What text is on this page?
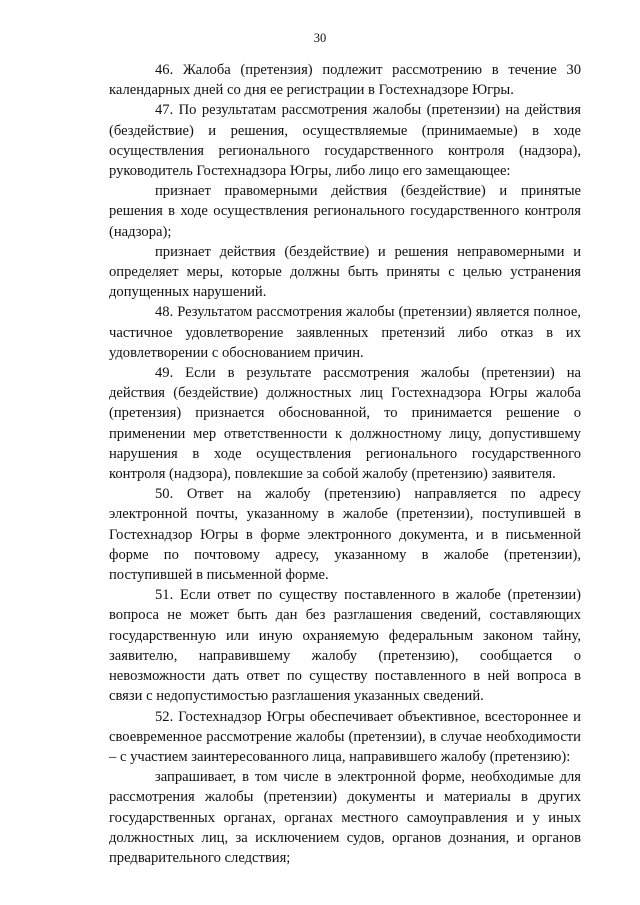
30

46. Жалоба (претензия) подлежит рассмотрению в течение 30 календарных дней со дня ее регистрации в Гостехнадзоре Югры.

47. По результатам рассмотрения жалобы (претензии) на действия (бездействие) и решения, осуществляемые (принимаемые) в ходе осуществления регионального государственного контроля (надзора), руководитель Гостехнадзора Югры, либо лицо его замещающее:

признает правомерными действия (бездействие) и принятые решения в ходе осуществления регионального государственного контроля (надзора);

признает действия (бездействие) и решения неправомерными и определяет меры, которые должны быть приняты с целью устранения допущенных нарушений.

48. Результатом рассмотрения жалобы (претензии) является полное, частичное удовлетворение заявленных претензий либо отказ в их удовлетворении с обоснованием причин.

49. Если в результате рассмотрения жалобы (претензии) на действия (бездействие) должностных лиц Гостехнадзора Югры жалоба (претензия) признается обоснованной, то принимается решение о применении мер ответственности к должностному лицу, допустившему нарушения в ходе осуществления регионального государственного контроля (надзора), повлекшие за собой жалобу (претензию) заявителя.

50. Ответ на жалобу (претензию) направляется по адресу электронной почты, указанному в жалобе (претензии), поступившей в Гостехнадзор Югры в форме электронного документа, и в письменной форме по почтовому адресу, указанному в жалобе (претензии), поступившей в письменной форме.

51. Если ответ по существу поставленного в жалобе (претензии) вопроса не может быть дан без разглашения сведений, составляющих государственную или иную охраняемую федеральным законом тайну, заявителю, направившему жалобу (претензию), сообщается о невозможности дать ответ по существу поставленного в ней вопроса в связи с недопустимостью разглашения указанных сведений.

52. Гостехнадзор Югры обеспечивает объективное, всестороннее и своевременное рассмотрение жалобы (претензии), в случае необходимости – с участием заинтересованного лица, направившего жалобу (претензию):

запрашивает, в том числе в электронной форме, необходимые для рассмотрения жалобы (претензии) документы и материалы в других государственных органах, органах местного самоуправления и у иных должностных лиц, за исключением судов, органов дознания, и органов предварительного следствия;
